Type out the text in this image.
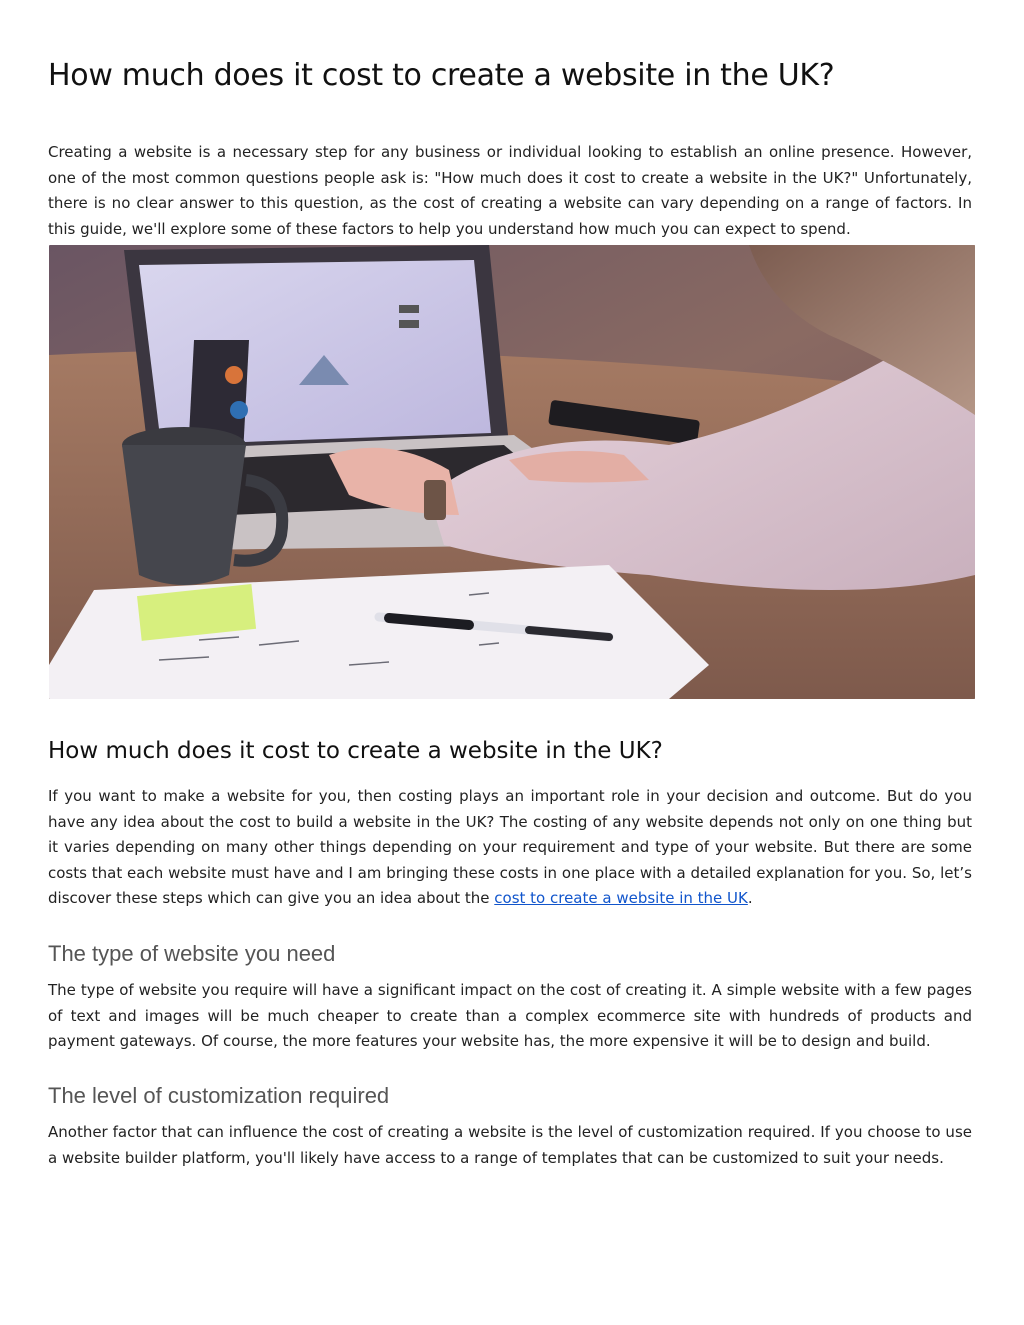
How much does it cost to create a website in the UK?

Creating a website is a necessary step for any business or individual looking to establish an online presence. However, one of the most common questions people ask is: "How much does it cost to create a website in the UK?" Unfortunately, there is no clear answer to this question, as the cost of creating a website can vary depending on a range of factors. In this guide, we'll explore some of these factors to help you understand how much you can expect to spend.

How much does it cost to create a website in the UK?

If you want to make a website for you, then costing plays an important role in your decision and outcome. But do you have any idea about the cost to build a website in the UK? The costing of any website depends not only on one thing but it varies depending on many other things depending on your requirement and type of your website. But there are some costs that each website must have and I am bringing these costs in one place with a detailed explanation for you. So, let’s discover these steps which can give you an idea about the cost to create a website in the UK.

The type of website you need

The type of website you require will have a significant impact on the cost of creating it. A simple website with a few pages of text and images will be much cheaper to create than a complex ecommerce site with hundreds of products and payment gateways. Of course, the more features your website has, the more expensive it will be to design and build.

The level of customization required

Another factor that can influence the cost of creating a website is the level of customization required. If you choose to use a website builder platform, you'll likely have access to a range of templates that can be customized to suit your needs.
